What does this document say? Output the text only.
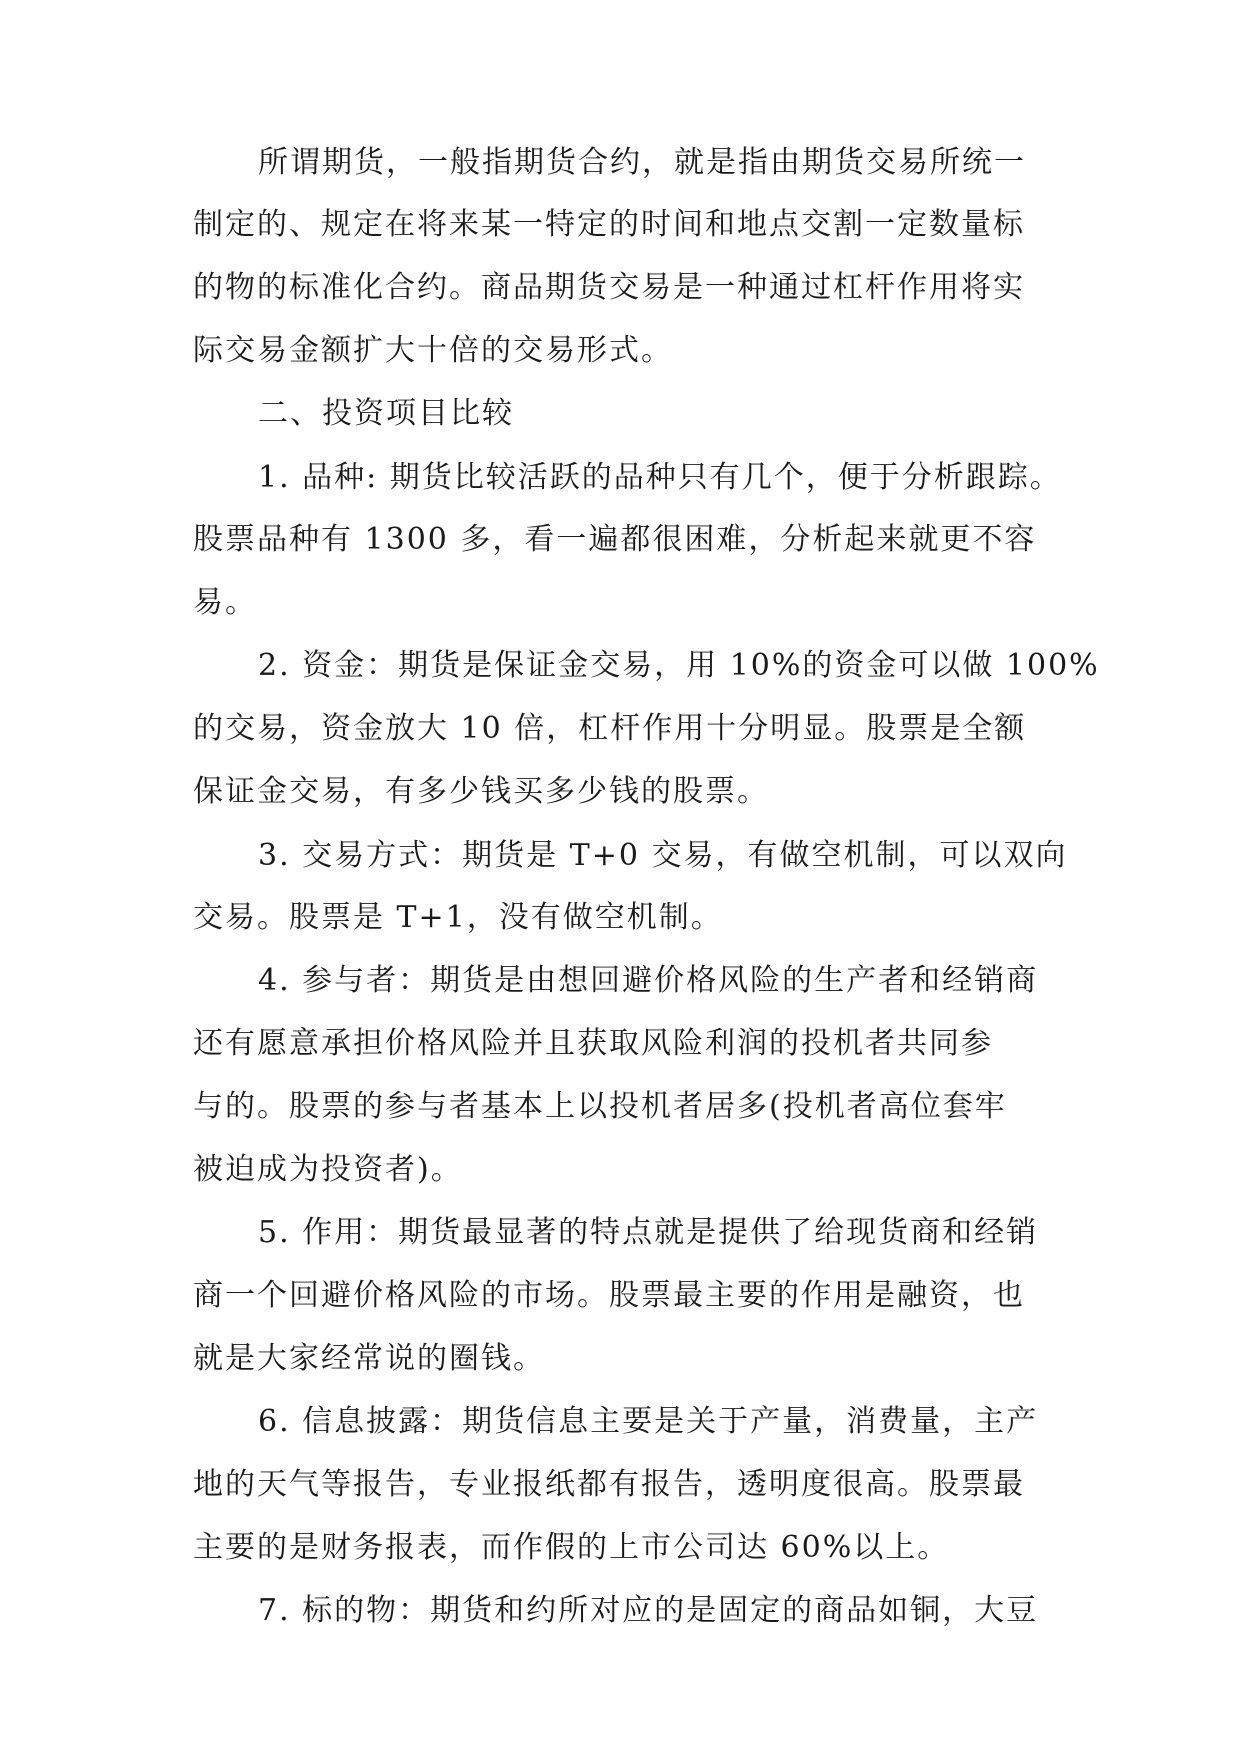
所谓期货，一般指期货合约，就是指由期货交易所统一
制定的、规定在将来某一特定的时间和地点交割一定数量标
的物的标准化合约。商品期货交易是一种通过杠杆作用将实
际交易金额扩大十倍的交易形式。
二、投资项目比较
1. 品种: 期货比较活跃的品种只有几个，便于分析跟踪。
股票品种有 1300 多，看一遍都很困难，分析起来就更不容
易。
2. 资金：期货是保证金交易，用 10%的资金可以做 100%
的交易，资金放大 10 倍，杠杆作用十分明显。股票是全额
保证金交易，有多少钱买多少钱的股票。
3. 交易方式：期货是 T+0 交易，有做空机制，可以双向
交易。股票是 T+1，没有做空机制。
4. 参与者：期货是由想回避价格风险的生产者和经销商
还有愿意承担价格风险并且获取风险利润的投机者共同参
与的。股票的参与者基本上以投机者居多(投机者高位套牢
被迫成为投资者)。
5. 作用：期货最显著的特点就是提供了给现货商和经销
商一个回避价格风险的市场。股票最主要的作用是融资，也
就是大家经常说的圈钱。
6. 信息披露：期货信息主要是关于产量，消费量，主产
地的天气等报告，专业报纸都有报告，透明度很高。股票最
主要的是财务报表，而作假的上市公司达 60%以上。
7. 标的物：期货和约所对应的是固定的商品如铜，大豆
